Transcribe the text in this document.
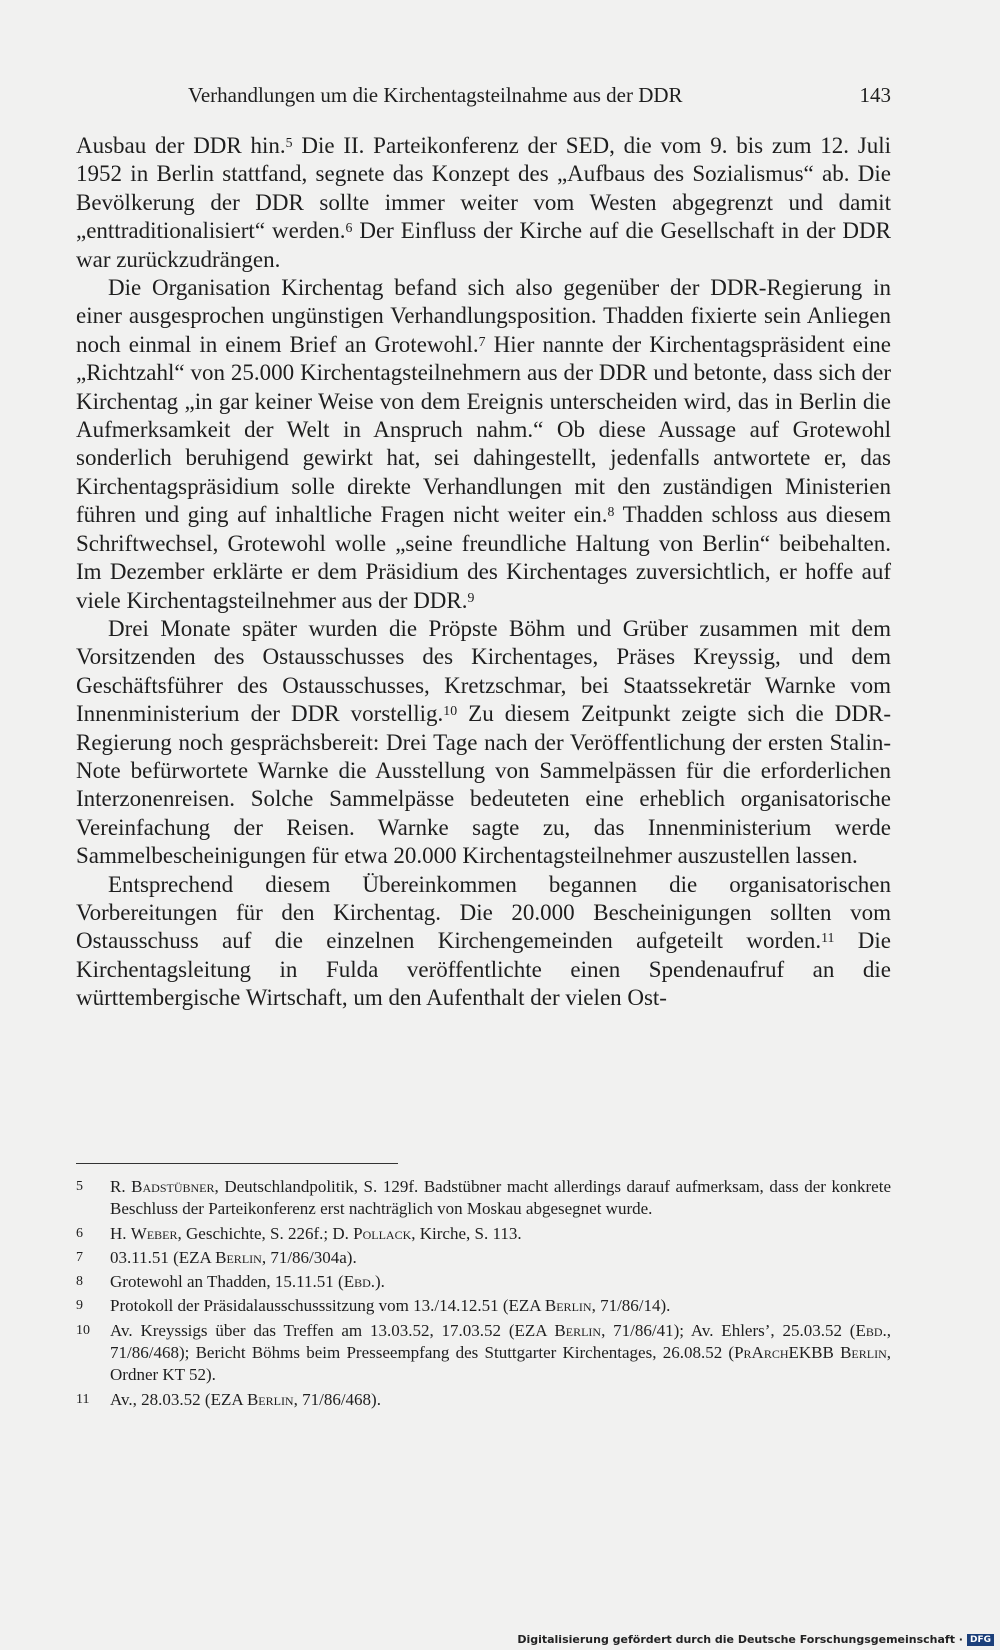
Verhandlungen um die Kirchentagsteilnahme aus der DDR	143

Ausbau der DDR hin.$^5$ Die II. Parteikonferenz der SED, die vom 9. bis zum 12. Juli 1952 in Berlin stattfand, segnete das Konzept des „Aufbaus des Sozialismus“ ab. Die Bevölkerung der DDR sollte immer weiter vom Westen abgegrenzt und damit „enttraditionalisiert“ werden.$^6$ Der Einfluss der Kirche auf die Gesellschaft in der DDR war zurückzudrängen.

Die Organisation Kirchentag befand sich also gegenüber der DDR-Regierung in einer ausgesprochen ungünstigen Verhandlungsposition. Thadden fixierte sein Anliegen noch einmal in einem Brief an Grotewohl.$^7$ Hier nannte der Kirchentagspräsident eine „Richtzahl“ von 25.000 Kirchentagsteilnehmern aus der DDR und betonte, dass sich der Kirchentag „in gar keiner Weise von dem Ereignis unterscheiden wird, das in Berlin die Aufmerksamkeit der Welt in Anspruch nahm.“ Ob diese Aussage auf Grotewohl sonderlich beruhigend gewirkt hat, sei dahingestellt, jedenfalls antwortete er, das Kirchentagspräsidium solle direkte Verhandlungen mit den zuständigen Ministerien führen und ging auf inhaltliche Fragen nicht weiter ein.$^8$ Thadden schloss aus diesem Schriftwechsel, Grotewohl wolle „seine freundliche Haltung von Berlin“ beibehalten. Im Dezember erklärte er dem Präsidium des Kirchentages zuversichtlich, er hoffe auf viele Kirchentagsteilnehmer aus der DDR.$^9$

Drei Monate später wurden die Pröpste Böhm und Grüber zusammen mit dem Vorsitzenden des Ostausschusses des Kirchentages, Präses Kreyssig, und dem Geschäftsführer des Ostausschusses, Kretzschmar, bei Staatssekretär Warnke vom Innenministerium der DDR vorstellig.$^{10}$ Zu diesem Zeitpunkt zeigte sich die DDR-Regierung noch gesprächsbereit: Drei Tage nach der Veröffentlichung der ersten Stalin-Note befürwortete Warnke die Ausstellung von Sammelpässen für die erforderlichen Interzonenreisen. Solche Sammelpässe bedeuteten eine erheblich organisatorische Vereinfachung der Reisen. Warnke sagte zu, das Innenministerium werde Sammelbescheinigungen für etwa 20.000 Kirchentagsteilnehmer auszustellen lassen.

Entsprechend diesem Übereinkommen begannen die organisatorischen Vorbereitungen für den Kirchentag. Die 20.000 Bescheinigungen sollten vom Ostausschuss auf die einzelnen Kirchengemeinden aufgeteilt worden.$^{11}$ Die Kirchentagsleitung in Fulda veröffentlichte einen Spendenaufruf an die württembergische Wirtschaft, um den Aufenthalt der vielen Ost-

5 R. Badstübner, Deutschlandpolitik, S. 129f. Badstübner macht allerdings darauf aufmerksam, dass der konkrete Beschluss der Parteikonferenz erst nachträglich von Moskau abgesegnet wurde.
6 H. Weber, Geschichte, S. 226f.; D. Pollack, Kirche, S. 113.
7 03.11.51 (EZA Berlin, 71/86/304a).
8 Grotewohl an Thadden, 15.11.51 (Ebd.).
9 Protokoll der Präsidalausschusssitzung vom 13./14.12.51 (EZA Berlin, 71/86/14).
10 Av. Kreyssigs über das Treffen am 13.03.52, 17.03.52 (EZA Berlin, 71/86/41); Av. Ehlers’, 25.03.52 (Ebd., 71/86/468); Bericht Böhms beim Presseempfang des Stuttgarter Kirchentages, 26.08.52 (PrArchEKBB Berlin, Ordner KT 52).
11 Av., 28.03.52 (EZA Berlin, 71/86/468).
Digitalisierung gefördert durch die Deutsche Forschungsgemeinschaft · DFG
